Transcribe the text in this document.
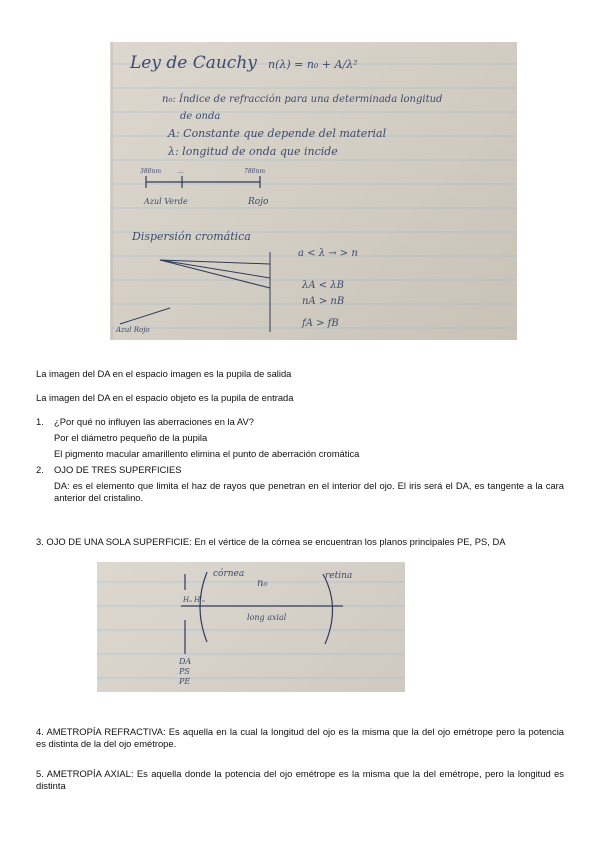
Ley de Cauchy n(λ) = n₀ + A/λ²
n₀: Índice de refracción para una determinada longitud
de onda
A: Constante que depende del material
λ: longitud de onda que incide
380nm	...	780nm
Azul Verde	Rojo
Dispersión cromática
a < λ → > n
λA < λB
nA > nB
fA > fB
Azul Rojo
La imagen del DA en el espacio imagen es la pupila de salida
La imagen del DA en el espacio objeto es la pupila de entrada
1. ¿Por qué no influyen las aberraciones en la AV?
Por el diámetro pequeño de la pupila
El pigmento macular amarillento elimina el punto de aberración cromática
2. OJO DE TRES SUPERFICIES
DA: es el elemento que limita el haz de rayos que penetran en el interior del ojo. El iris será el DA, es tangente a la cara anterior del cristalino.
3. OJO DE UNA SOLA SUPERFICIE: En el vértice de la córnea se encuentran los planos principales PE, PS, DA
córnea
n₀
retina
Hₒ H'ₒ
long axial
DA
PS
PE
4. AMETROPÍA REFRACTIVA: Es aquella en la cual la longitud del ojo es la misma que la del ojo emétrope pero la potencia es distinta de la del ojo emétrope.
5. AMETROPÍA AXIAL: Es aquella donde la potencia del ojo emétrope es la misma que la del emétrope, pero la longitud es distinta
